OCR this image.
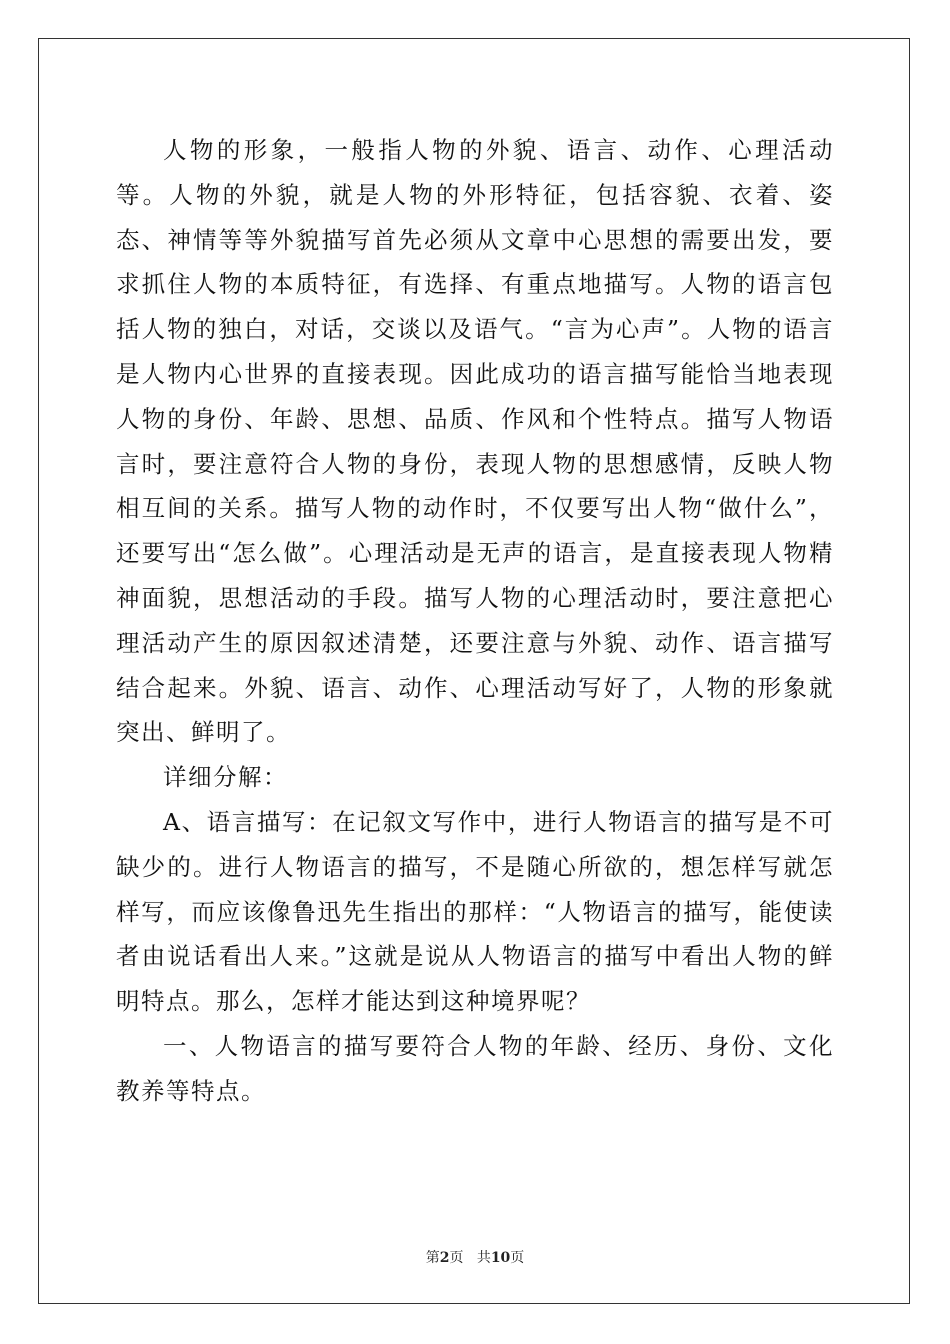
人物的形象，一般指人物的外貌、语言、动作、心理活动等。人物的外貌，就是人物的外形特征，包括容貌、衣着、姿态、神情等等外貌描写首先必须从文章中心思想的需要出发，要求抓住人物的本质特征，有选择、有重点地描写。人物的语言包括人物的独白，对话，交谈以及语气。“言为心声”。人物的语言是人物内心世界的直接表现。因此成功的语言描写能恰当地表现人物的身份、年龄、思想、品质、作风和个性特点。描写人物语言时，要注意符合人物的身份，表现人物的思想感情，反映人物相互间的关系。描写人物的动作时，不仅要写出人物“做什么”，还要写出“怎么做”。心理活动是无声的语言，是直接表现人物精神面貌，思想活动的手段。描写人物的心理活动时，要注意把心理活动产生的原因叙述清楚，还要注意与外貌、动作、语言描写结合起来。外貌、语言、动作、心理活动写好了，人物的形象就突出、鲜明了。

详细分解：

A、语言描写：在记叙文写作中，进行人物语言的描写是不可缺少的。进行人物语言的描写，不是随心所欲的，想怎样写就怎样写，而应该像鲁迅先生指出的那样：“人物语言的描写，能使读者由说话看出人来。”这就是说从人物语言的描写中看出人物的鲜明特点。那么，怎样才能达到这种境界呢？

一、人物语言的描写要符合人物的年龄、经历、身份、文化教养等特点。

第2页 共10页
